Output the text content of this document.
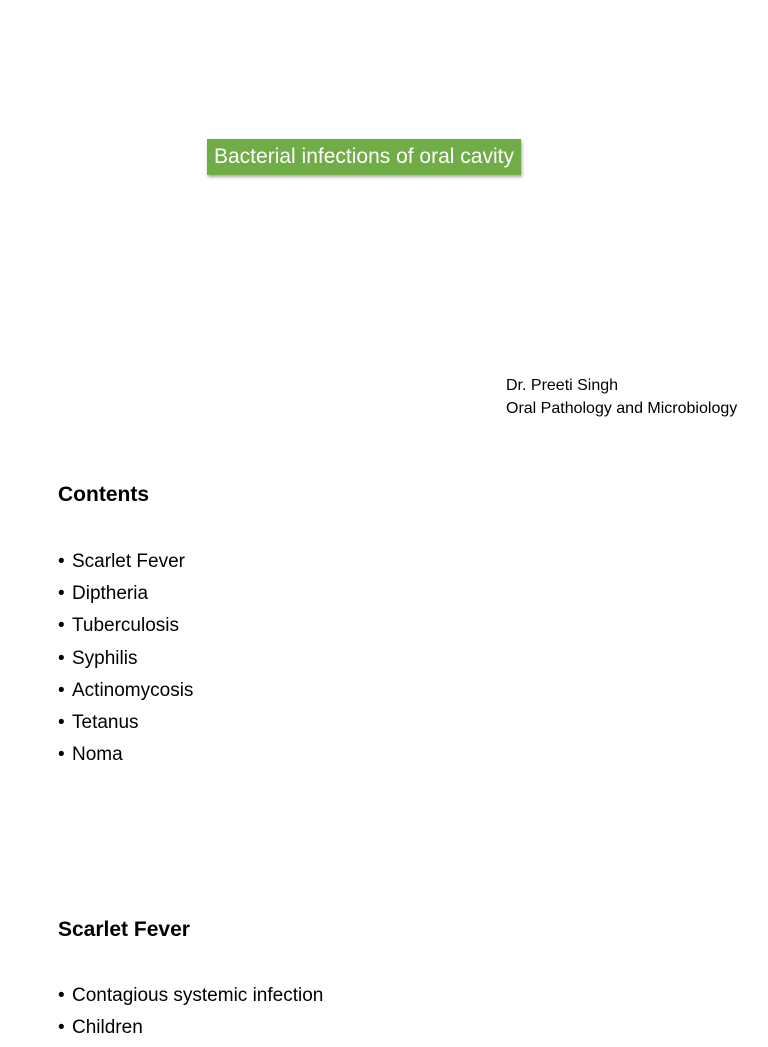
Bacterial infections of oral cavity
Dr. Preeti Singh
Oral Pathology and Microbiology
Contents
• Scarlet Fever
• Diptheria
• Tuberculosis
• Syphilis
• Actinomycosis
• Tetanus
• Noma
Scarlet Fever
• Contagious systemic infection
• Children
